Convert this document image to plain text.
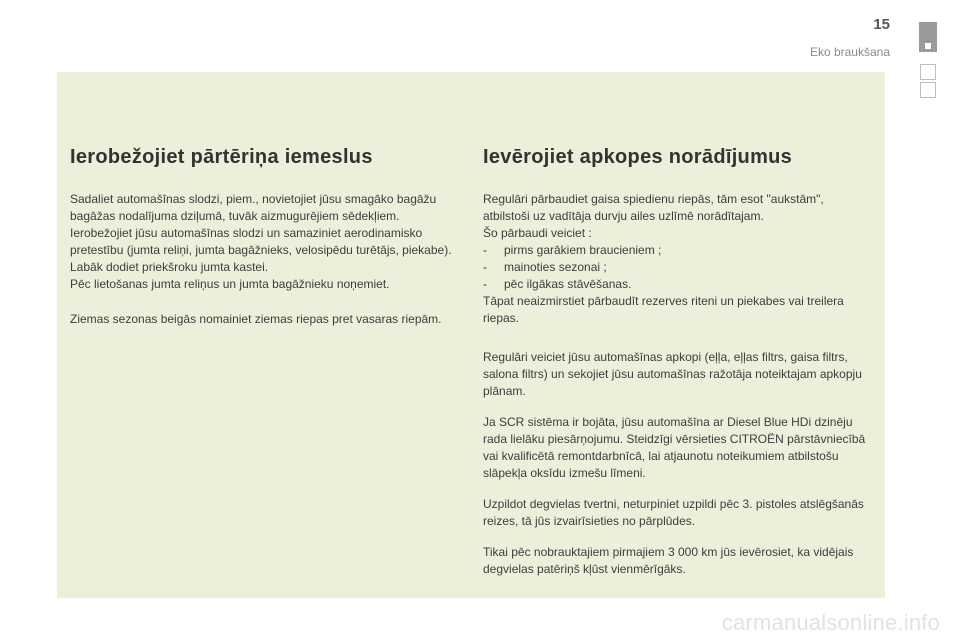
15
Eko braukšana
Ierobežojiet pārtēriņa iemeslus

Sadaliet automašīnas slodzi, piem., novietojiet jūsu smagāko bagāžu bagāžas nodalījuma dziļumā, tuvāk aizmugurējiem sēdekļiem.
Ierobežojiet jūsu automašīnas slodzi un samaziniet aerodinamisko pretestību (jumta reliņi, jumta bagāžnieks, velosipēdu turētājs, piekabe). Labāk dodiet priekšroku jumta kastei.
Pēc lietošanas jumta reliņus un jumta bagāžnieku noņemiet.

Ziemas sezonas beigās nomainiet ziemas riepas pret vasaras riepām.

Ievērojiet apkopes norādījumus

Regulāri pārbaudiet gaisa spiedienu riepās, tām esot "aukstām", atbilstoši uz vadītāja durvju ailes uzlīmē norādītajam.
Šo pārbaudi veiciet :

- pirms garākiem braucieniem ;
- mainoties sezonai ;
- pēc ilgākas stāvēšanas.

Tāpat neaizmirstiet pārbaudīt rezerves riteni un piekabes vai treilera riepas.

Regulāri veiciet jūsu automašīnas apkopi (eļļa, eļļas filtrs, gaisa filtrs, salona filtrs) un sekojiet jūsu automašīnas ražotāja noteiktajam apkopju plānam.

Ja SCR sistēma ir bojāta, jūsu automašīna ar Diesel Blue HDi dzinēju rada lielāku piesārņojumu. Steidzīgi vērsieties CITROËN pārstāvniecībā vai kvalificētā remontdarbnīcā, lai atjaunotu noteikumiem atbilstošu slāpekļa oksīdu izmešu līmeni.

Uzpildot degvielas tvertni, neturpiniet uzpildi pēc 3. pistoles atslēgšanās reizes, tā jūs izvairīsieties no pārplūdes.

Tikai pēc nobrauktajiem pirmajiem 3 000 km jūs ievērosiet, ka vidējais degvielas patēriņš kļūst vienmērīgāks.

carmanualsonline.info
